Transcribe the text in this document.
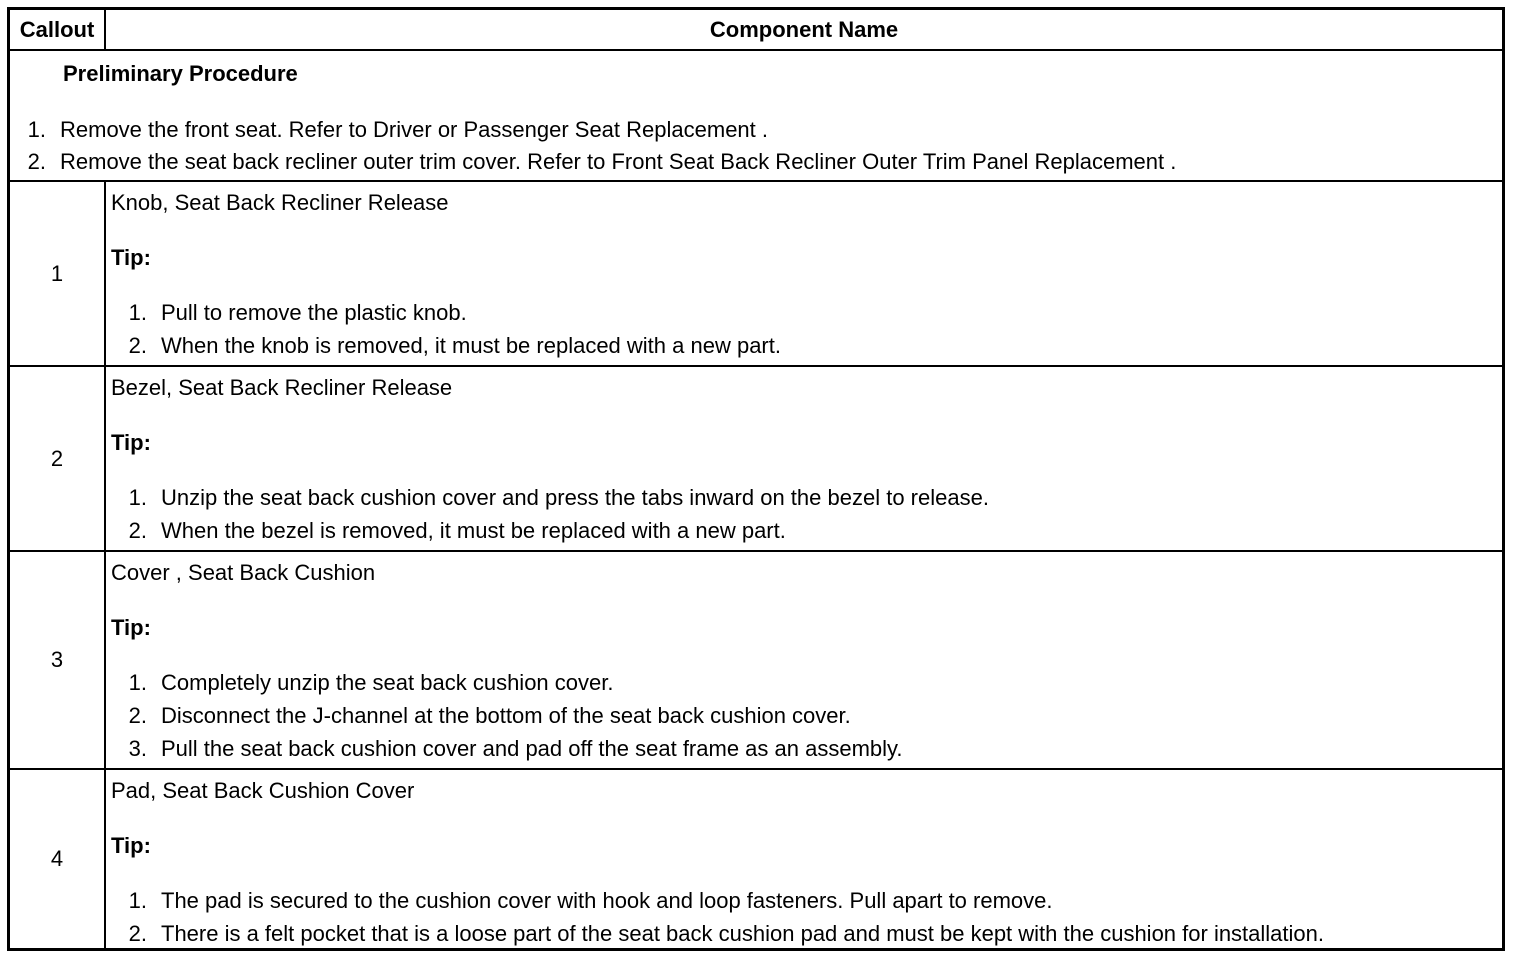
Callout	Component Name
Preliminary Procedure
1. Remove the front seat. Refer to Driver or Passenger Seat Replacement .
2. Remove the seat back recliner outer trim cover. Refer to Front Seat Back Recliner Outer Trim Panel Replacement .
1
Knob, Seat Back Recliner Release
Tip:
1. Pull to remove the plastic knob.
2. When the knob is removed, it must be replaced with a new part.
2
Bezel, Seat Back Recliner Release
Tip:
1. Unzip the seat back cushion cover and press the tabs inward on the bezel to release.
2. When the bezel is removed, it must be replaced with a new part.
3
Cover , Seat Back Cushion
Tip:
1. Completely unzip the seat back cushion cover.
2. Disconnect the J-channel at the bottom of the seat back cushion cover.
3. Pull the seat back cushion cover and pad off the seat frame as an assembly.
4
Pad, Seat Back Cushion Cover
Tip:
1. The pad is secured to the cushion cover with hook and loop fasteners. Pull apart to remove.
2. There is a felt pocket that is a loose part of the seat back cushion pad and must be kept with the cushion for installation.
